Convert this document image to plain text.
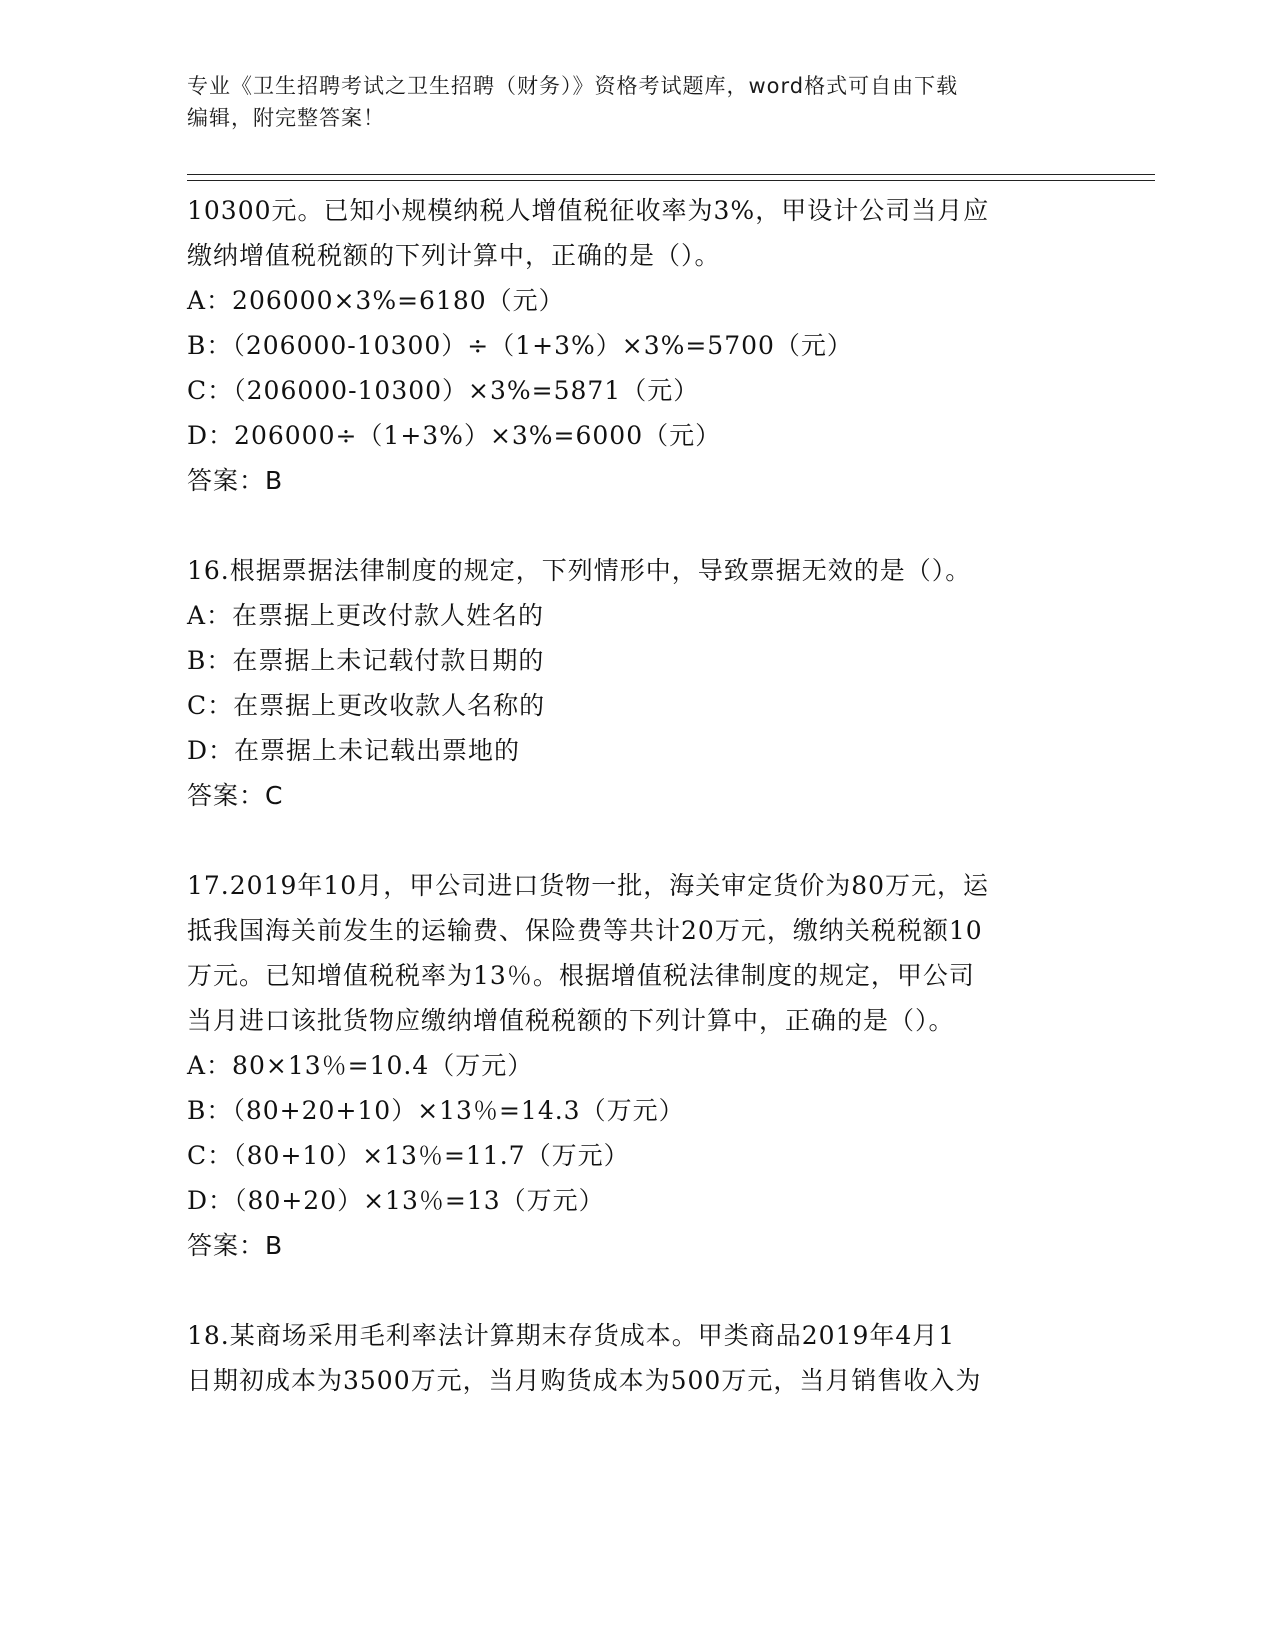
专业《卫生招聘考试之卫生招聘（财务）》资格考试题库，word格式可自由下载
编辑，附完整答案！
10300元。已知小规模纳税人增值税征收率为3%，甲设计公司当月应
缴纳增值税税额的下列计算中，正确的是（）。
A：206000×3%=6180（元）
B：（206000-10300）÷（1+3%）×3%=5700（元）
C：（206000-10300）×3%=5871（元）
D：206000÷（1+3%）×3%=6000（元）
答案：B
16.根据票据法律制度的规定，下列情形中，导致票据无效的是（）。
A：在票据上更改付款人姓名的
B：在票据上未记载付款日期的
C：在票据上更改收款人名称的
D：在票据上未记载出票地的
答案：C
17.2019年10月，甲公司进口货物一批，海关审定货价为80万元，运
抵我国海关前发生的运输费、保险费等共计20万元，缴纳关税税额10
万元。已知增值税税率为13％。根据增值税法律制度的规定，甲公司
当月进口该批货物应缴纳增值税税额的下列计算中，正确的是（）。
A：80×13％=10.4（万元）
B：（80+20+10）×13％=14.3（万元）
C：（80+10）×13％=11.7（万元）
D：（80+20）×13％=13（万元）
答案：B
18.某商场采用毛利率法计算期末存货成本。甲类商品2019年4月1
日期初成本为3500万元，当月购货成本为500万元，当月销售收入为
